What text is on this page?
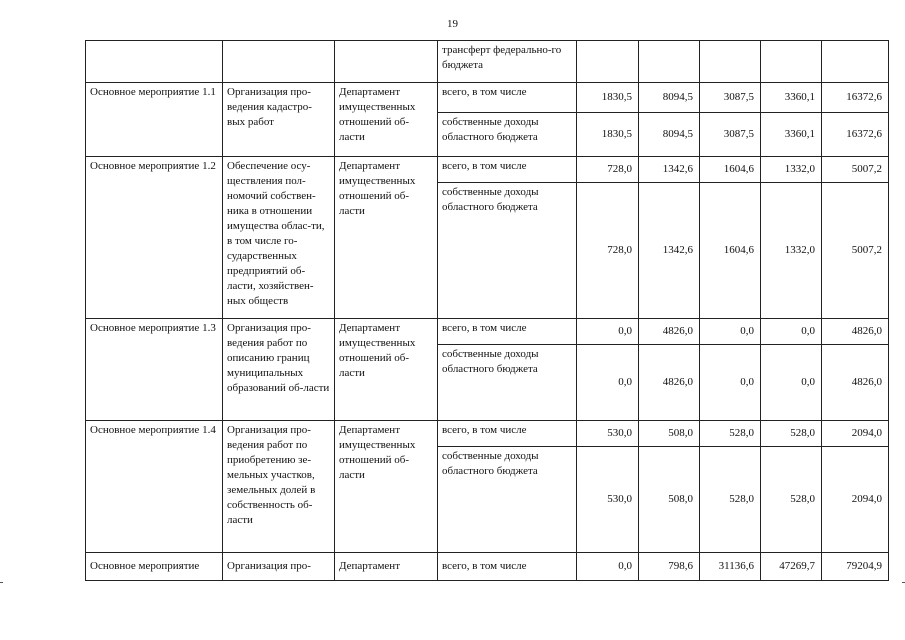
19
			трансферт федерально-го бюджета					
Основное мероприятие 1.1	Организация про-ведения кадастро-вых работ	Департамент имущественных отношений об-ласти	всего, в том числе	1830,5	8094,5	3087,5	3360,1	16372,6
			собственные доходы областного бюджета	1830,5	8094,5	3087,5	3360,1	16372,6
Основное мероприятие 1.2	Обеспечение осу-ществления пол-номочий собствен-ника в отношении имущества облас-ти, в том числе го-сударственных предприятий об-ласти, хозяйствен-ных обществ	Департамент имущественных отношений об-ласти	всего, в том числе	728,0	1342,6	1604,6	1332,0	5007,2
			собственные доходы областного бюджета	728,0	1342,6	1604,6	1332,0	5007,2
Основное мероприятие 1.3	Организация про-ведения работ по описанию границ муниципальных образований об-ласти	Департамент имущественных отношений об-ласти	всего, в том числе	0,0	4826,0	0,0	0,0	4826,0
			собственные доходы областного бюджета	0,0	4826,0	0,0	0,0	4826,0
Основное мероприятие 1.4	Организация про-ведения работ по приобретению зе-мельных участков, земельных долей в собственность об-ласти	Департамент имущественных отношений об-ласти	всего, в том числе	530,0	508,0	528,0	528,0	2094,0
			собственные доходы областного бюджета	530,0	508,0	528,0	528,0	2094,0
Основное мероприятие	Организация про-	Департамент	всего, в том числе	0,0	798,6	31136,6	47269,7	79204,9
